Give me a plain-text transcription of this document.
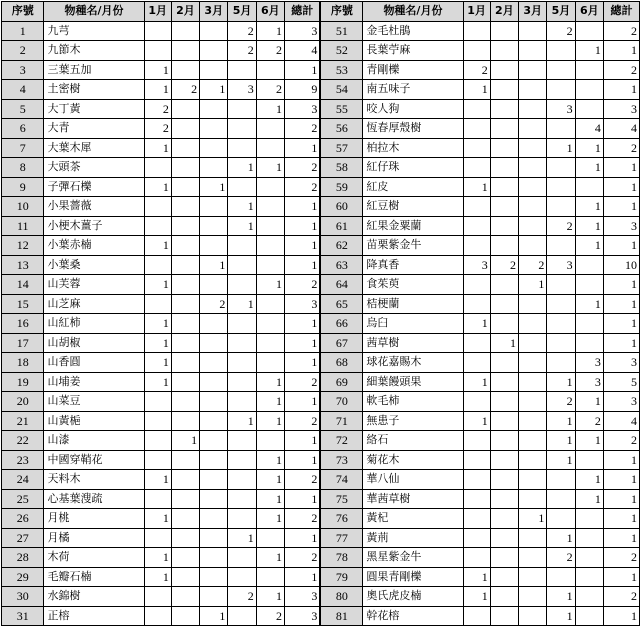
序號	物種名/月份	1月	2月	3月	5月	6月	總計	序號	物種名/月份	1月	2月	3月	5月	6月	總計
1	九芎				2	1	3	51	金毛杜鵑				2		2
2	九節木				2	2	4	52	長葉苧麻					1	1
3	三葉五加	1					1	53	青剛櫟	2					2
4	土密樹	1	2	1	3	2	9	54	南五味子	1					1
5	大丁黃	2				1	3	55	咬人狗				3		3
6	大青	2					2	56	恆春厚殼樹					4	4
7	大葉木犀	1					1	57	柏拉木				1	1	2
8	大頭茶				1	1	2	58	紅仔珠					1	1
9	子彈石櫟	1		1			2	59	紅皮	1					1
10	小果薔薇				1		1	60	紅豆樹					1	1
11	小梗木薑子				1		1	61	紅果金粟蘭				2	1	3
12	小葉赤楠	1					1	62	苗栗紫金牛					1	1
13	小葉桑			1			1	63	降真香	3	2	2	3		10
14	山芙蓉	1				1	2	64	食茱萸			1			1
15	山芝麻			2	1		3	65	桔梗蘭					1	1
16	山紅柿	1					1	66	烏臼	1					1
17	山胡椒	1					1	67	茜草樹		1				1
18	山香圓	1					1	68	球花嘉賜木					3	3
19	山埔姜	1				1	2	69	細葉饅頭果	1			1	3	5
20	山菜豆					1	1	70	軟毛柿				2	1	3
21	山黃梔				1	1	2	71	無患子	1			1	2	4
22	山漆		1				1	72	絡石				1	1	2
23	中國穿鞘花					1	1	73	菊花木				1		1
24	天料木	1				1	2	74	華八仙					1	1
25	心基葉溲疏					1	1	75	華茜草樹					1	1
26	月桃	1				1	2	76	黃杞			1			1
27	月橘				1		1	77	黃荊				1		1
28	木荷	1				1	2	78	黑星紫金牛				2		2
29	毛瓣石楠	1					1	79	圓果青剛櫟	1					1
30	水錦樹				2	1	3	80	奧氏虎皮楠	1			1		2
31	正榕			1		2	3	81	幹花榕				1		1
